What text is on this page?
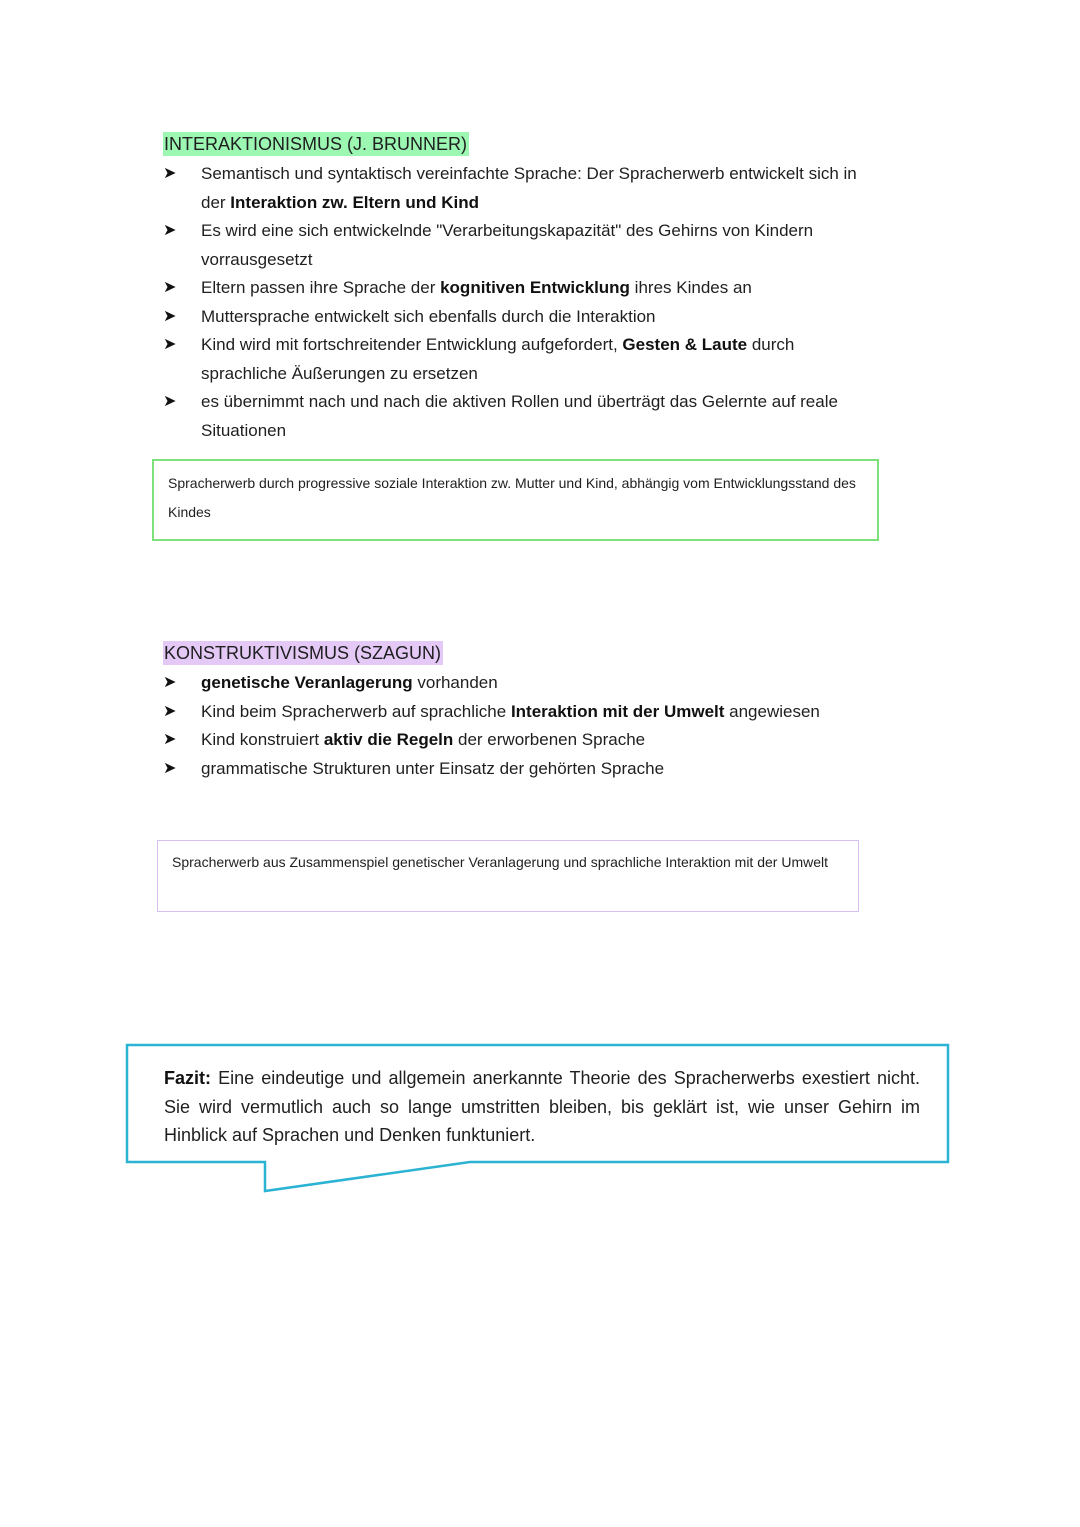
INTERAKTIONISMUS (J. BRUNNER)
➤ Semantisch und syntaktisch vereinfachte Sprache: Der Spracherwerb entwickelt sich in der Interaktion zw. Eltern und Kind
➤ Es wird eine sich entwickelnde "Verarbeitungskapazität" des Gehirns von Kindern vorrausgesetzt
➤ Eltern passen ihre Sprache der kognitiven Entwicklung ihres Kindes an
➤ Muttersprache entwickelt sich ebenfalls durch die Interaktion
➤ Kind wird mit fortschreitender Entwicklung aufgefordert, Gesten & Laute durch sprachliche Äußerungen zu ersetzen
➤ es übernimmt nach und nach die aktiven Rollen und überträgt das Gelernte auf reale Situationen
Spracherwerb durch progressive soziale Interaktion zw. Mutter und Kind, abhängig vom Entwicklungsstand des Kindes
KONSTRUKTIVISMUS (SZAGUN)
➤ genetische Veranlagerung vorhanden
➤ Kind beim Spracherwerb auf sprachliche Interaktion mit der Umwelt angewiesen
➤ Kind konstruiert aktiv die Regeln der erworbenen Sprache
➤ grammatische Strukturen unter Einsatz der gehörten Sprache
Spracherwerb aus Zusammenspiel genetischer Veranlagerung und sprachliche Interaktion mit der Umwelt
Fazit: Eine eindeutige und allgemein anerkannte Theorie des Spracherwerbs exestiert nicht. Sie wird vermutlich auch so lange umstritten bleiben, bis geklärt ist, wie unser Gehirn im Hinblick auf Sprachen und Denken funktuniert.
